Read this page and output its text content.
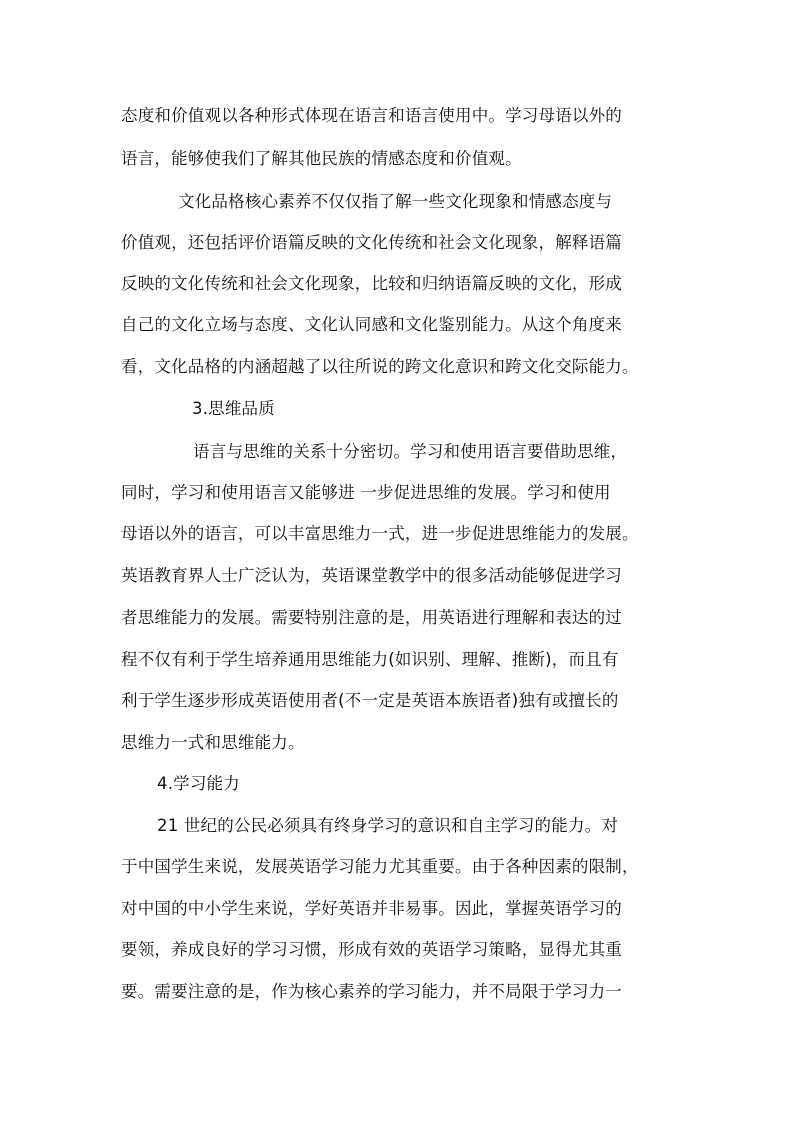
态度和价值观以各种形式体现在语言和语言使用中。学习母语以外的
语言，能够使我们了解其他民族的情感态度和价值观。
文化品格核心素养不仅仅指了解一些文化现象和情感态度与
价值观，还包括评价语篇反映的文化传统和社会文化现象，解释语篇
反映的文化传统和社会文化现象，比较和归纳语篇反映的文化，形成
自己的文化立场与态度、文化认同感和文化鉴别能力。从这个角度来
看，文化品格的内涵超越了以往所说的跨文化意识和跨文化交际能力。
3.思维品质
语言与思维的关系十分密切。学习和使用语言要借助思维，
同时，学习和使用语言又能够进 一步促进思维的发展。学习和使用
母语以外的语言，可以丰富思维力一式，进一步促进思维能力的发展。
英语教育界人士广泛认为，英语课堂教学中的很多活动能够促进学习
者思维能力的发展。需要特别注意的是，用英语进行理解和表达的过
程不仅有利于学生培养通用思维能力(如识别、理解、推断)，而且有
利于学生逐步形成英语使用者(不一定是英语本族语者)独有或擅长的
思维力一式和思维能力。
4.学习能力
21 世纪的公民必须具有终身学习的意识和自主学习的能力。对
于中国学生来说，发展英语学习能力尤其重要。由于各种因素的限制，
对中国的中小学生来说，学好英语并非易事。因此，掌握英语学习的
要领，养成良好的学习习惯，形成有效的英语学习策略，显得尤其重
要。需要注意的是，作为核心素养的学习能力，并不局限于学习力一
